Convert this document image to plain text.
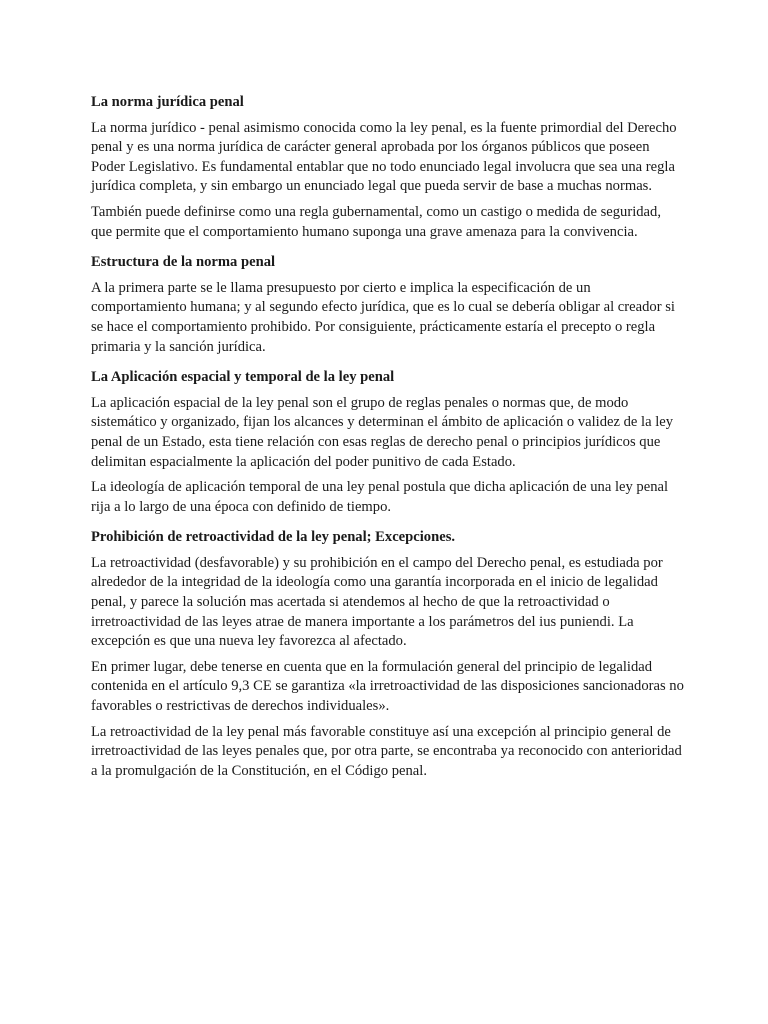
La norma jurídica penal
La norma jurídico - penal asimismo conocida como la ley penal, es la fuente primordial del Derecho penal y es una norma jurídica de carácter general aprobada por los órganos públicos que poseen Poder Legislativo. Es fundamental entablar que no todo enunciado legal involucra que sea una regla jurídica completa, y sin embargo un enunciado legal que pueda servir de base a muchas normas.
También puede definirse como una regla gubernamental, como un castigo o medida de seguridad, que permite que el comportamiento humano suponga una grave amenaza para la convivencia.
Estructura de la norma penal
A la primera parte se le llama presupuesto por cierto e implica la especificación de un comportamiento humana; y al segundo efecto jurídica, que es lo cual se debería obligar al creador si se hace el comportamiento prohibido. Por consiguiente, prácticamente estaría el precepto o regla primaria y la sanción jurídica.
La Aplicación espacial y temporal de la ley penal
La aplicación espacial de la ley penal son el grupo de reglas penales o normas que, de modo sistemático y organizado, fijan los alcances y determinan el ámbito de aplicación o validez de la ley penal de un Estado, esta tiene relación con esas reglas de derecho penal o principios jurídicos que delimitan espacialmente la aplicación del poder punitivo de cada Estado.
La ideología de aplicación temporal de una ley penal postula que dicha aplicación de una ley penal rija a lo largo de una época con definido de tiempo.
Prohibición de retroactividad de la ley penal; Excepciones.
La retroactividad (desfavorable) y su prohibición en el campo del Derecho penal, es estudiada por alrededor de la integridad de la ideología como una garantía incorporada en el inicio de legalidad penal, y parece la solución mas acertada si atendemos al hecho de que la retroactividad o irretroactividad de las leyes atrae de manera importante a los parámetros del ius puniendi. La excepción es que una nueva ley favorezca al afectado.
En primer lugar, debe tenerse en cuenta que en la formulación general del principio de legalidad contenida en el artículo 9,3 CE se garantiza «la irretroactividad de las disposiciones sancionadoras no favorables o restrictivas de derechos individuales».
La retroactividad de la ley penal más favorable constituye así una excepción al principio general de irretroactividad de las leyes penales que, por otra parte, se encontraba ya reconocido con anterioridad a la promulgación de la Constitución, en el Código penal.
